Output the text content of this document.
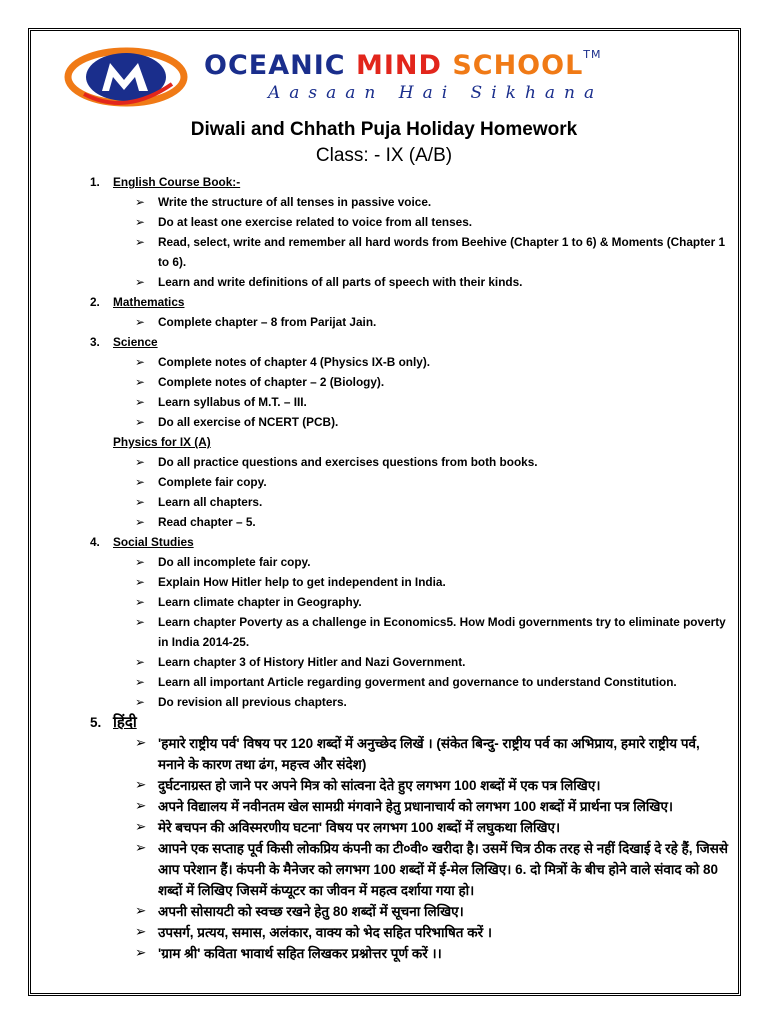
OCEANIC MIND SCHOOL™
Aasaan Hai Sikhana
Diwali and Chhath Puja Holiday Homework
Class: - IX (A/B)
1.	English Course Book:-
➢ Write the structure of all tenses in passive voice.
➢ Do at least one exercise related to voice from all tenses.
➢ Read, select, write and remember all hard words from Beehive (Chapter 1 to 6) & Moments (Chapter 1 to 6).
➢ Learn and write definitions of all parts of speech with their kinds.
2.	Mathematics
➢ Complete chapter – 8 from Parijat Jain.
3.	Science
➢ Complete notes of chapter 4 (Physics IX-B only).
➢ Complete notes of chapter – 2 (Biology).
➢ Learn syllabus of M.T. – III.
➢ Do all exercise of NCERT (PCB).
Physics for IX (A)
➢ Do all practice questions and exercises questions from both books.
➢ Complete fair copy.
➢ Learn all chapters.
➢ Read chapter – 5.
4.	Social Studies
➢ Do all incomplete fair copy.
➢ Explain How Hitler help to get independent in India.
➢ Learn climate chapter in Geography.
➢ Learn chapter Poverty as a challenge in Economics5. How Modi governments try to eliminate poverty in India 2014-25.
➢ Learn chapter 3 of History Hitler and Nazi Government.
➢ Learn all important Article regarding goverment and governance to understand Constitution.
➢ Do revision all previous chapters.
5. हिंदी
➢ 'हमारे राष्ट्रीय पर्व' विषय पर 120 शब्दों में अनुच्छेद लिखें । (संकेत बिन्दु- राष्ट्रीय पर्व का अभिप्राय, हमारे राष्ट्रीय पर्व, मनाने के कारण तथा ढंग, महत्त्व और संदेश)
➢ दुर्घटनाग्रस्त हो जाने पर अपने मित्र को सांत्वना देते हुए लगभग 100 शब्दों में एक पत्र लिखिए।
➢ अपने विद्यालय में नवीनतम खेल सामग्री मंगवाने हेतु प्रधानाचार्य को लगभग 100 शब्दों में प्रार्थना पत्र लिखिए।
➢ मेरे बचपन की अविस्मरणीय घटना' विषय पर लगभग 100 शब्दों में लघुकथा लिखिए।
➢ आपने एक सप्ताह पूर्व किसी लोकप्रिय कंपनी का टी०वी० खरीदा है। उसमें चित्र ठीक तरह से नहीं दिखाई दे रहे हैं, जिससे आप परेशान हैं। कंपनी के मैनेजर को लगभग 100 शब्दों में ई-मेल लिखिए। 6. दो मित्रों के बीच होने वाले संवाद को 80 शब्दों में लिखिए जिसमें कंप्यूटर का जीवन में महत्व दर्शाया गया हो।
➢ अपनी सोसायटी को स्वच्छ रखने हेतु 80 शब्दों में सूचना लिखिए।
➢ उपसर्ग, प्रत्यय, समास, अलंकार, वाक्य को भेद सहित परिभाषित करें ।
➢ 'ग्राम श्री' कविता भावार्थ सहित लिखकर प्रश्नोत्तर पूर्ण करें ।।
